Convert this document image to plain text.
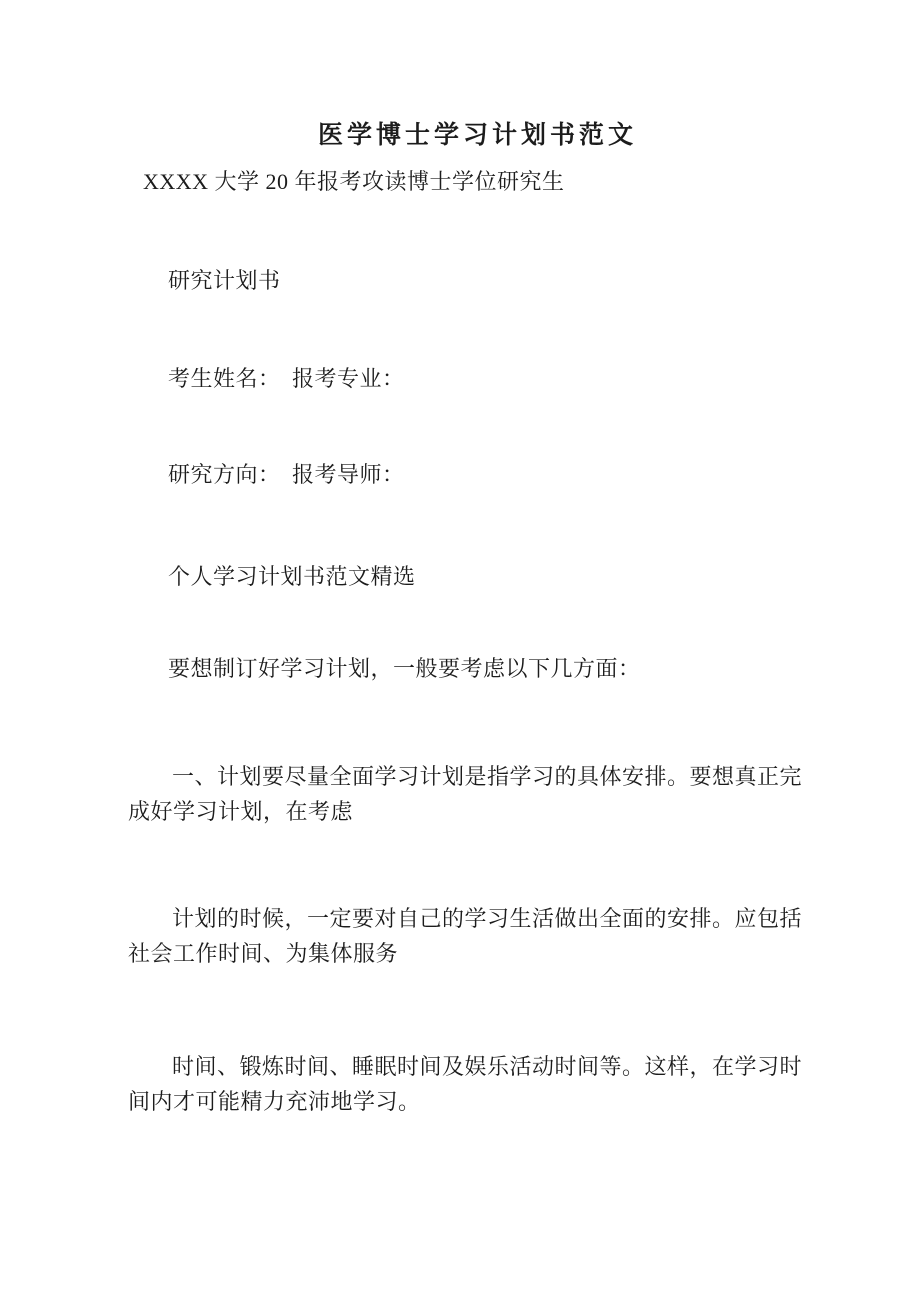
医学博士学习计划书范文
XXXX 大学 20 年报考攻读博士学位研究生
研究计划书
考生姓名：　报考专业：
研究方向：　报考导师：
个人学习计划书范文精选
要想制订好学习计划，一般要考虑以下几方面：
一、计划要尽量全面学习计划是指学习的具体安排。要想真正完
成好学习计划，在考虑
计划的时候，一定要对自己的学习生活做出全面的安排。应包括
社会工作时间、为集体服务
时间、锻炼时间、睡眠时间及娱乐活动时间等。这样，在学习时
间内才可能精力充沛地学习。
